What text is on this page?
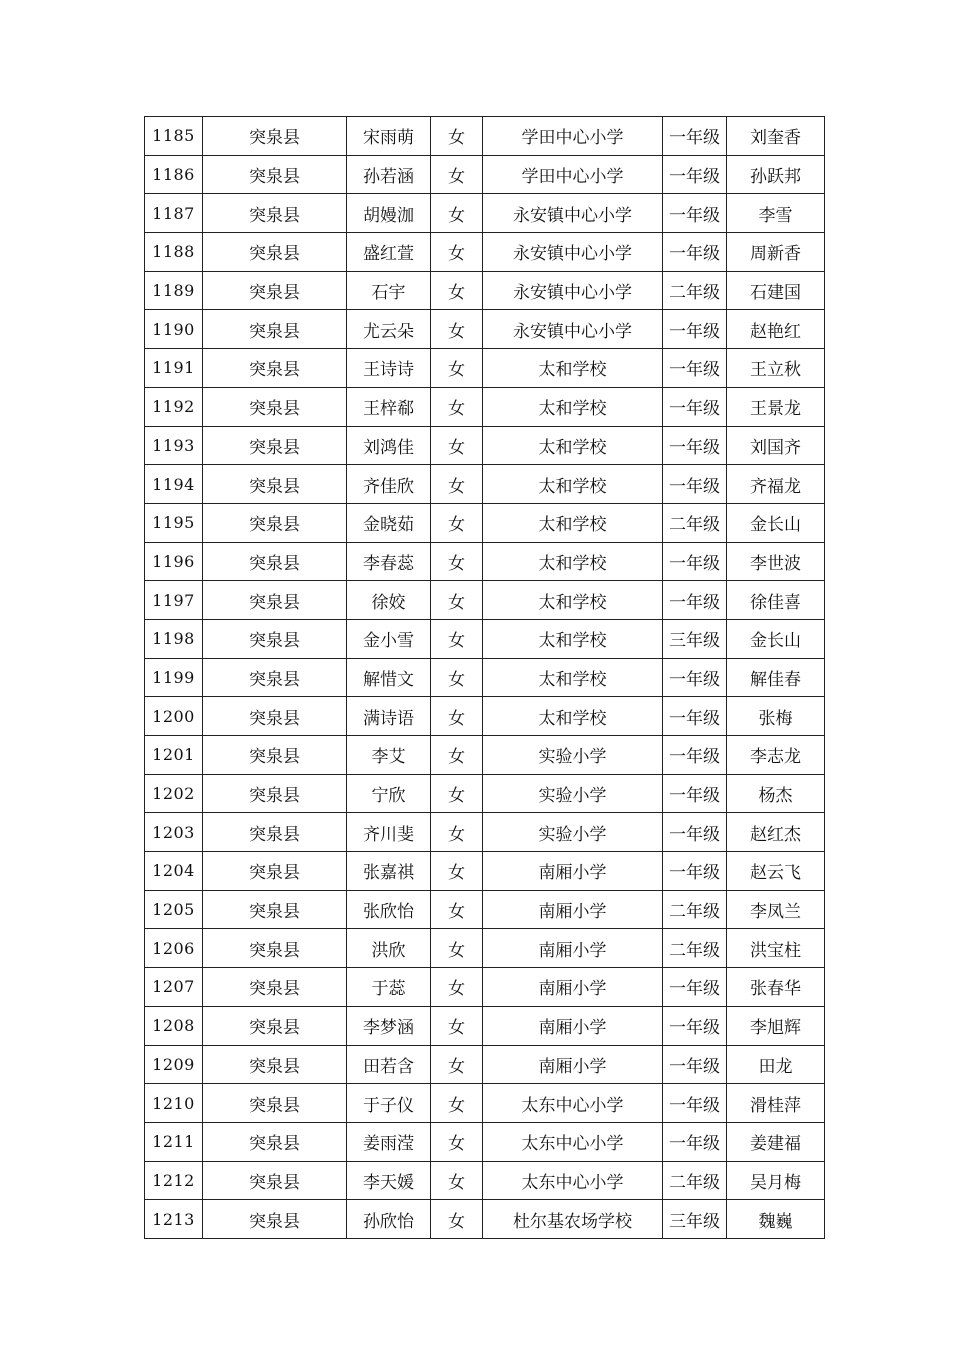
1185	突泉县	宋雨萌	女	学田中心小学	一年级	刘奎香
1186	突泉县	孙若涵	女	学田中心小学	一年级	孙跃邦
1187	突泉县	胡嫚泇	女	永安镇中心小学	一年级	李雪
1188	突泉县	盛红萱	女	永安镇中心小学	一年级	周新香
1189	突泉县	石宇	女	永安镇中心小学	二年级	石建国
1190	突泉县	尤云朵	女	永安镇中心小学	一年级	赵艳红
1191	突泉县	王诗诗	女	太和学校	一年级	王立秋
1192	突泉县	王梓郗	女	太和学校	一年级	王景龙
1193	突泉县	刘鸿佳	女	太和学校	一年级	刘国齐
1194	突泉县	齐佳欣	女	太和学校	一年级	齐福龙
1195	突泉县	金晓茹	女	太和学校	二年级	金长山
1196	突泉县	李春蕊	女	太和学校	一年级	李世波
1197	突泉县	徐姣	女	太和学校	一年级	徐佳喜
1198	突泉县	金小雪	女	太和学校	三年级	金长山
1199	突泉县	解惜文	女	太和学校	一年级	解佳春
1200	突泉县	满诗语	女	太和学校	一年级	张梅
1201	突泉县	李艾	女	实验小学	一年级	李志龙
1202	突泉县	宁欣	女	实验小学	一年级	杨杰
1203	突泉县	齐川斐	女	实验小学	一年级	赵红杰
1204	突泉县	张嘉祺	女	南厢小学	一年级	赵云飞
1205	突泉县	张欣怡	女	南厢小学	二年级	李凤兰
1206	突泉县	洪欣	女	南厢小学	二年级	洪宝柱
1207	突泉县	于蕊	女	南厢小学	一年级	张春华
1208	突泉县	李梦涵	女	南厢小学	一年级	李旭辉
1209	突泉县	田若含	女	南厢小学	一年级	田龙
1210	突泉县	于子仪	女	太东中心小学	一年级	滑桂萍
1211	突泉县	姜雨滢	女	太东中心小学	一年级	姜建福
1212	突泉县	李天媛	女	太东中心小学	二年级	吴月梅
1213	突泉县	孙欣怡	女	杜尔基农场学校	三年级	魏巍
